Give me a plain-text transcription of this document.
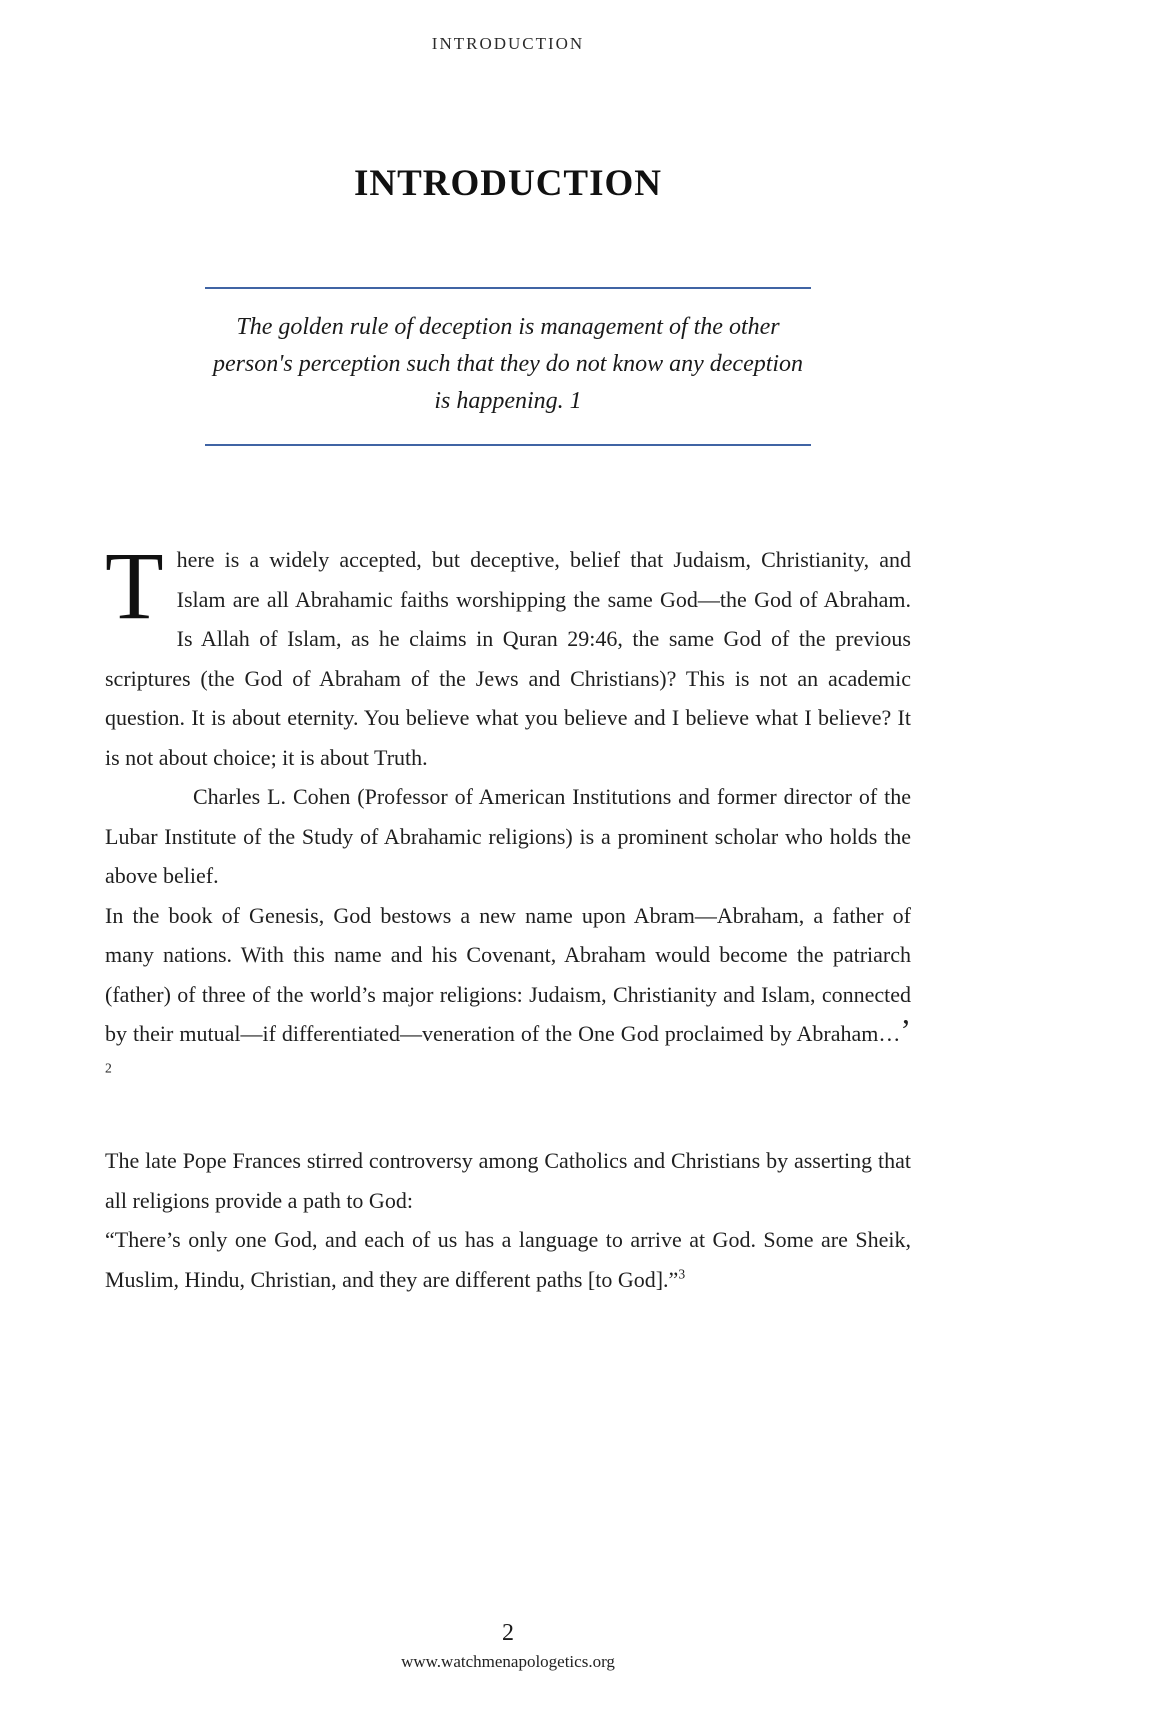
INTRODUCTION
INTRODUCTION
The golden rule of deception is management of the other
person's perception such that they do not know any deception
is happening. 1

There is a widely accepted, but deceptive, belief that Judaism, Christianity, and Islam are all Abrahamic faiths worshipping the same God—the God of Abraham. Is Allah of Islam, as he claims in Quran 29:46, the same God of the previous scriptures (the God of Abraham of the Jews and Christians)? This is not an academic question. It is about eternity. You believe what you believe and I believe what I believe? It is not about choice; it is about Truth.

Charles L. Cohen (Professor of American Institutions and former director of the Lubar Institute of the Study of Abrahamic religions) is a prominent scholar who holds the above belief.

In the book of Genesis, God bestows a new name upon Abram—Abraham, a father of many nations. With this name and his Covenant, Abraham would become the patriarch (father) of three of the world’s major religions: Judaism, Christianity and Islam, connected by their mutual—if differentiated—veneration of the One God proclaimed by Abraham…’ $^2$

The late Pope Frances stirred controversy among Catholics and Christians by asserting that all religions provide a path to God:

“There’s only one God, and each of us has a language to arrive at God. Some are Sheik, Muslim, Hindu, Christian, and they are different paths [to God].”$^3$

2
www.watchmenapologetics.org
